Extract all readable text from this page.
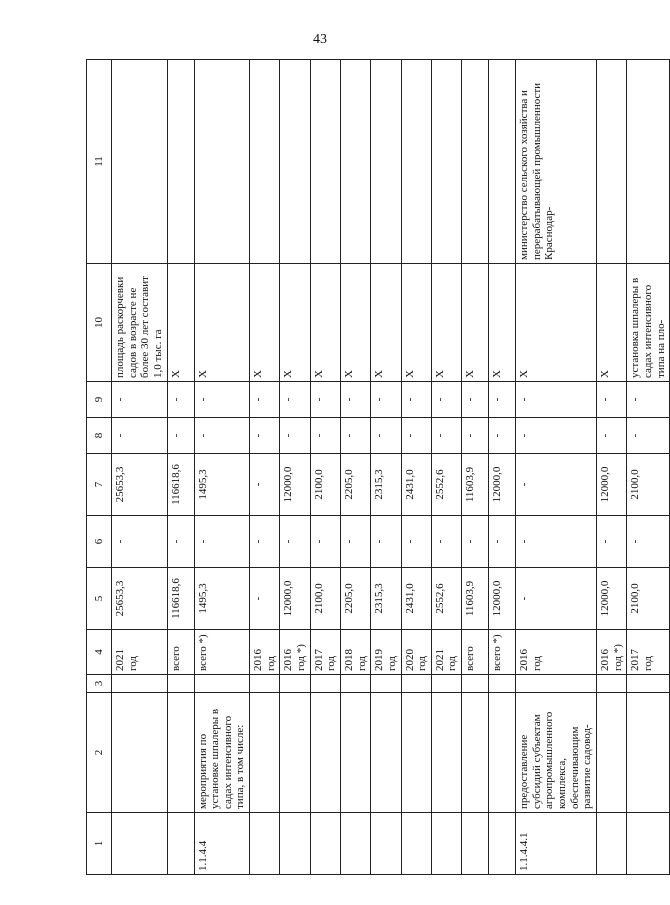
43
1	2	3	4	5	6	7	8	9	10	11
			2021 год	25653,3	-	25653,3	-	-	площадь раскорчевки садов в возрасте не более 30 лет составит 1,0 тыс. га	
			всего	116618,6	-	116618,6	-	-	Х	
1.1.4.4	мероприятия по установке шпалеры в садах интенсивного типа, в том числе:		всего *)	1495,3	-	1495,3	-	-	Х	
			2016 год	-	-	-	-	-	Х	
			2016 год *)	12000,0	-	12000,0	-	-	Х	
			2017 год	2100,0	-	2100,0	-	-	Х	
			2018 год	2205,0	-	2205,0	-	-	Х	
			2019 год	2315,3	-	2315,3	-	-	Х	
			2020 год	2431,0	-	2431,0	-	-	Х	
			2021 год	2552,6	-	2552,6	-	-	Х	
			всего	11603,9	-	11603,9	-	-	Х	
			всего *)	12000,0	-	12000,0	-	-	Х	
1.1.4.4.1	предоставление субсидий субъектам агропромышленного комплекса, обеспечивающим развитие садовод-		2016 год	-	-	-	-	-	Х	министерство сельского хозяйства и перерабатывающей промышленности Краснодар-
			2016 год *)	12000,0	-	12000,0	-	-	Х	
			2017 год	2100,0	-	2100,0	-	-	установка шпалеры в садах интенсивного типа на пло-	
